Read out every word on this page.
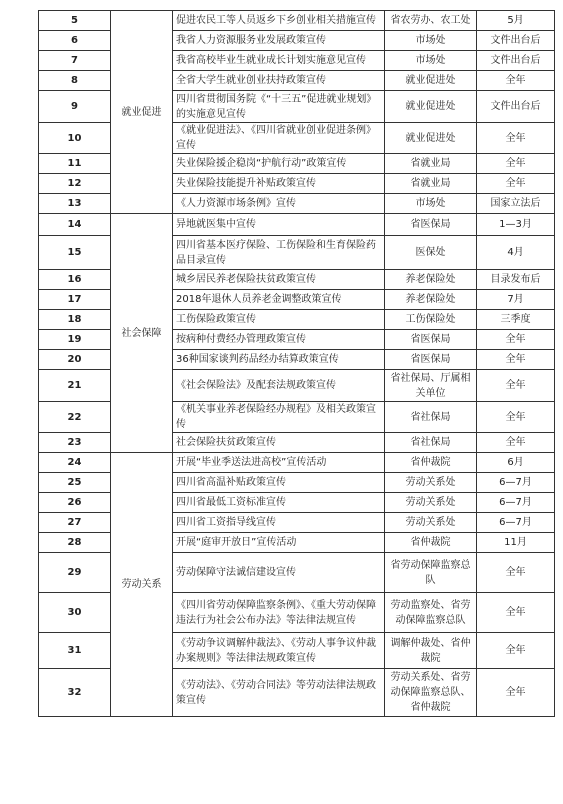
5	就业促进	促进农民工等人员返乡下乡创业相关措施宣传	省农劳办、农工处	5月
6		我省人力资源服务业发展政策宣传	市场处	文件出台后
7		我省高校毕业生就业成长计划实施意见宣传	市场处	文件出台后
8		全省大学生就业创业扶持政策宣传	就业促进处	全年
9		四川省贯彻国务院《“十三五”促进就业规划》的实施意见宣传	就业促进处	文件出台后
10		《就业促进法》、《四川省就业创业促进条例》宣传	就业促进处	全年
11		失业保险援企稳岗“护航行动”政策宣传	省就业局	全年
12		失业保险技能提升补贴政策宣传	省就业局	全年
13		《人力资源市场条例》宣传	市场处	国家立法后
14	社会保障	异地就医集中宣传	省医保局	1—3月
15		四川省基本医疗保险、工伤保险和生育保险药品目录宣传	医保处	4月
16		城乡居民养老保险扶贫政策宣传	养老保险处	目录发布后
17		2018年退休人员养老金调整政策宣传	养老保险处	7月
18		工伤保险政策宣传	工伤保险处	三季度
19		按病种付费经办管理政策宣传	省医保局	全年
20		36种国家谈判药品经办结算政策宣传	省医保局	全年
21		《社会保险法》及配套法规政策宣传	省社保局、厅属相关单位	全年
22		《机关事业养老保险经办规程》及相关政策宣传	省社保局	全年
23		社会保险扶贫政策宣传	省社保局	全年
24	劳动关系	开展“毕业季送法进高校”宣传活动	省仲裁院	6月
25		四川省高温补贴政策宣传	劳动关系处	6—7月
26		四川省最低工资标准宣传	劳动关系处	6—7月
27		四川省工资指导线宣传	劳动关系处	6—7月
28		开展“庭审开放日”宣传活动	省仲裁院	11月
29		劳动保障守法诚信建设宣传	省劳动保障监察总队	全年
30		《四川省劳动保障监察条例》、《重大劳动保障违法行为社会公布办法》等法律法规宣传	劳动监察处、省劳动保障监察总队	全年
31		《劳动争议调解仲裁法》、《劳动人事争议仲裁办案规则》等法律法规政策宣传	调解仲裁处、省仲裁院	全年
32		《劳动法》、《劳动合同法》等劳动法律法规政策宣传	劳动关系处、省劳动保障监察总队、省仲裁院	全年
